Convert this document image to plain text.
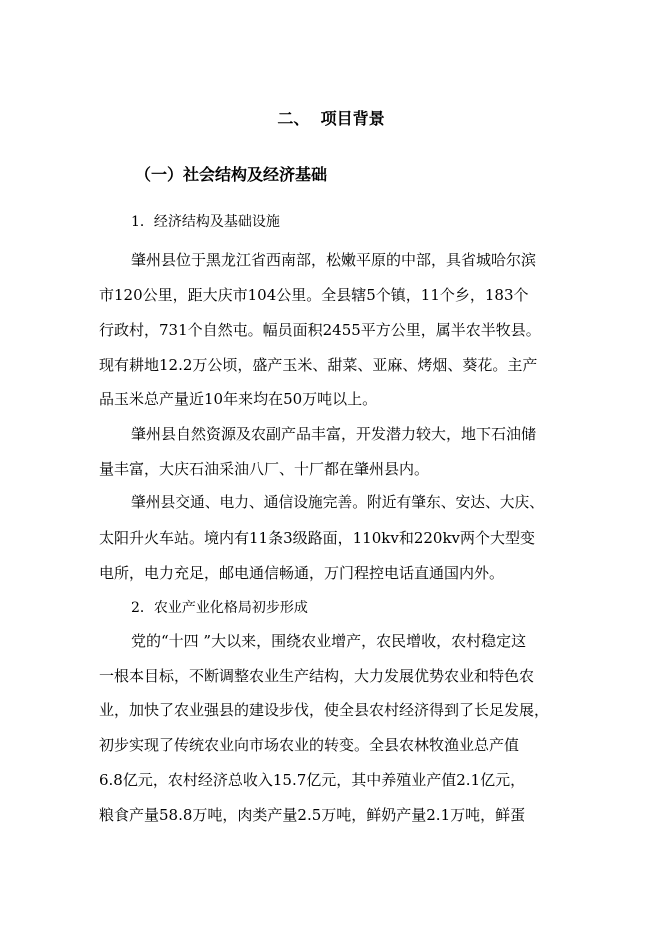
二、  项目背景
（一）社会结构及经济基础
1．经济结构及基础设施
肇州县位于黑龙江省西南部，松嫩平原的中部，具省城哈尔滨
市120公里，距大庆市104公里。全县辖5个镇，11个乡，183个
行政村，731个自然屯。幅员面积2455平方公里，属半农半牧县。
现有耕地12.2万公顷，盛产玉米、甜菜、亚麻、烤烟、葵花。主产
品玉米总产量近10年来均在50万吨以上。
肇州县自然资源及农副产品丰富，开发潜力较大，地下石油储
量丰富，大庆石油采油八厂、十厂都在肇州县内。
肇州县交通、电力、通信设施完善。附近有肇东、安达、大庆、
太阳升火车站。境内有11条3级路面，110kv和220kv两个大型变
电所，电力充足，邮电通信畅通，万门程控电话直通国内外。
2．农业产业化格局初步形成
党的“十四 ”大以来，围绕农业增产，农民增收，农村稳定这
一根本目标，不断调整农业生产结构，大力发展优势农业和特色农
业，加快了农业强县的建设步伐，使全县农村经济得到了长足发展，
初步实现了传统农业向市场农业的转变。全县农林牧渔业总产值
6.8亿元，农村经济总收入15.7亿元，其中养殖业产值2.1亿元，
粮食产量58.8万吨，肉类产量2.5万吨，鲜奶产量2.1万吨，鲜蛋
